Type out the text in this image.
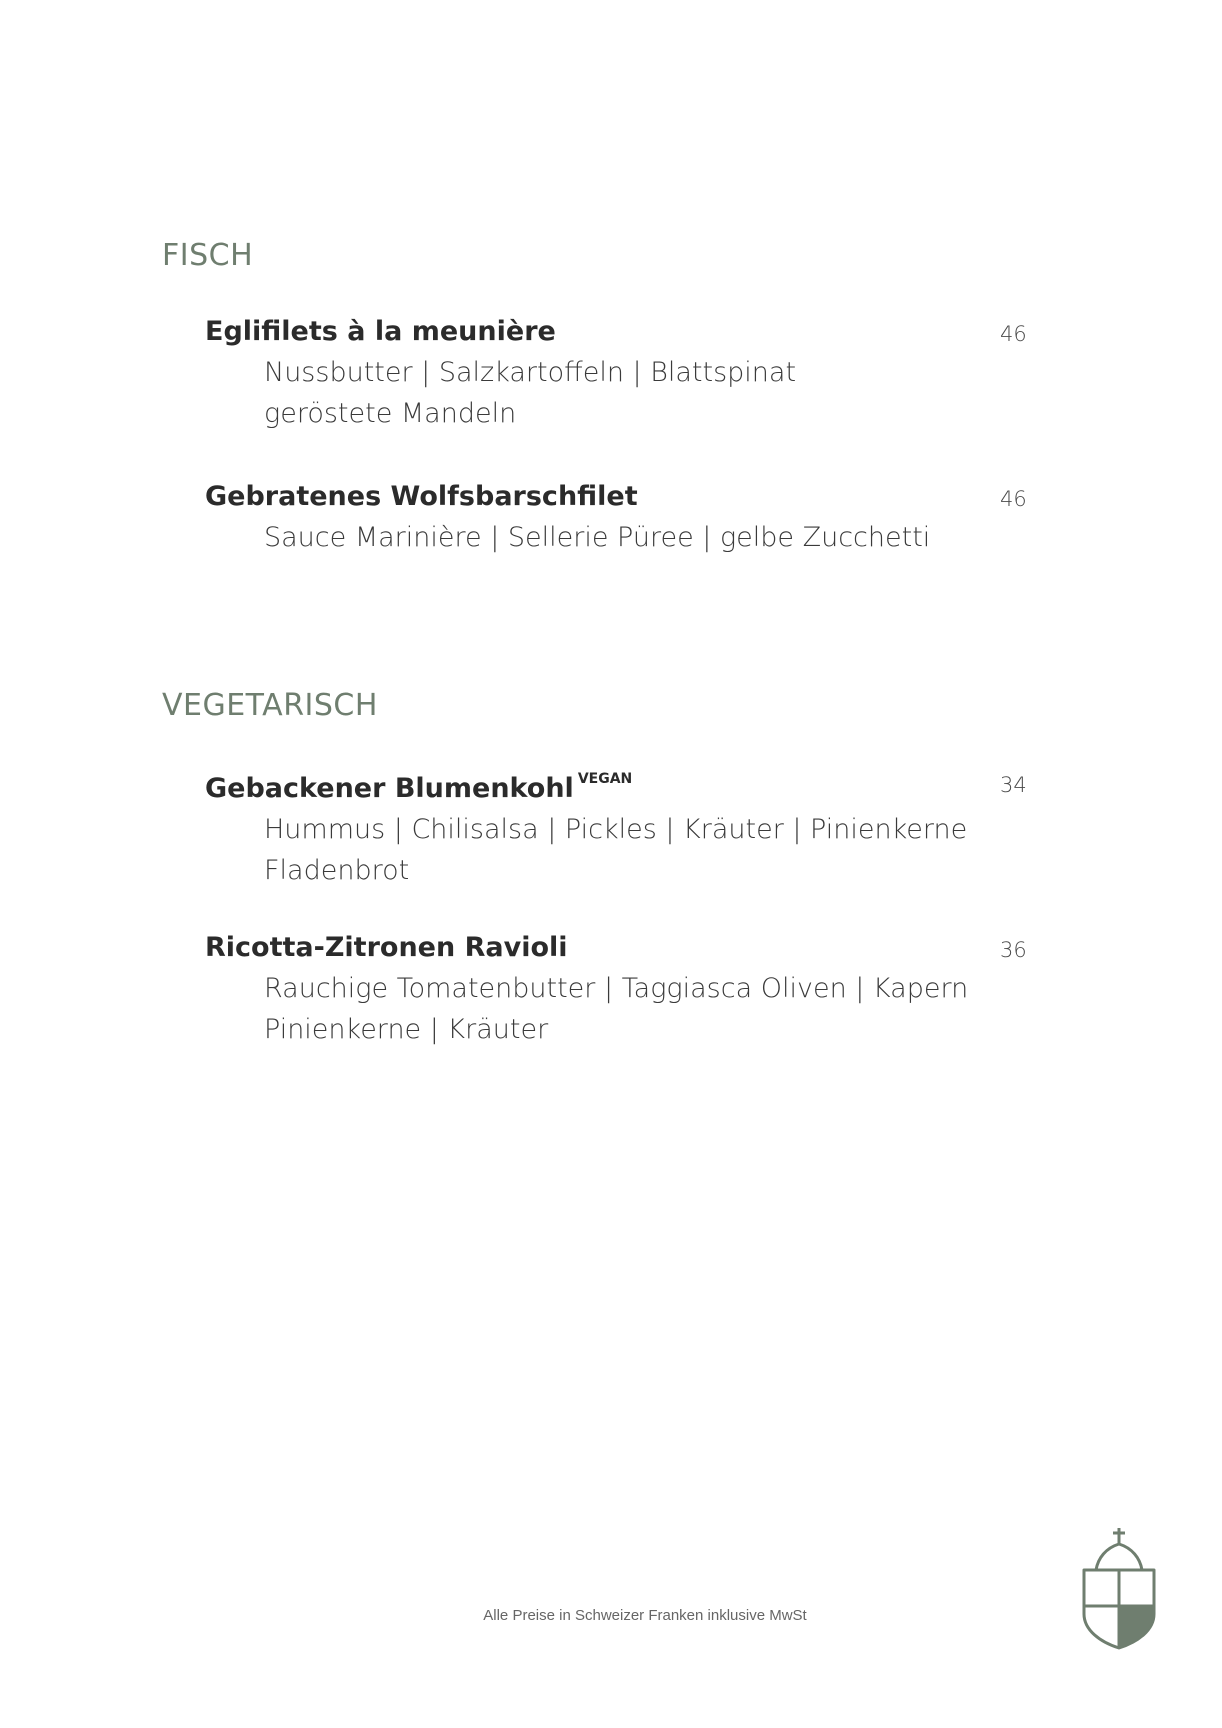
FISCH
Eglifilets à la meunière
Nussbutter | Salzkartoffeln | Blattspinat
geröstete Mandeln
46
Gebratenes Wolfsbarschfilet
Sauce Marinière | Sellerie Püree | gelbe Zucchetti
46
VEGETARISCH
Gebackener Blumenkohl $^{VEGAN}$
Hummus | Chilisalsa | Pickles | Kräuter | Pinienkerne
Fladenbrot
34
Ricotta-Zitronen Ravioli
Rauchige Tomatenbutter | Taggiasca Oliven | Kapern
Pinienkerne | Kräuter
36
Alle Preise in Schweizer Franken inklusive MwSt
